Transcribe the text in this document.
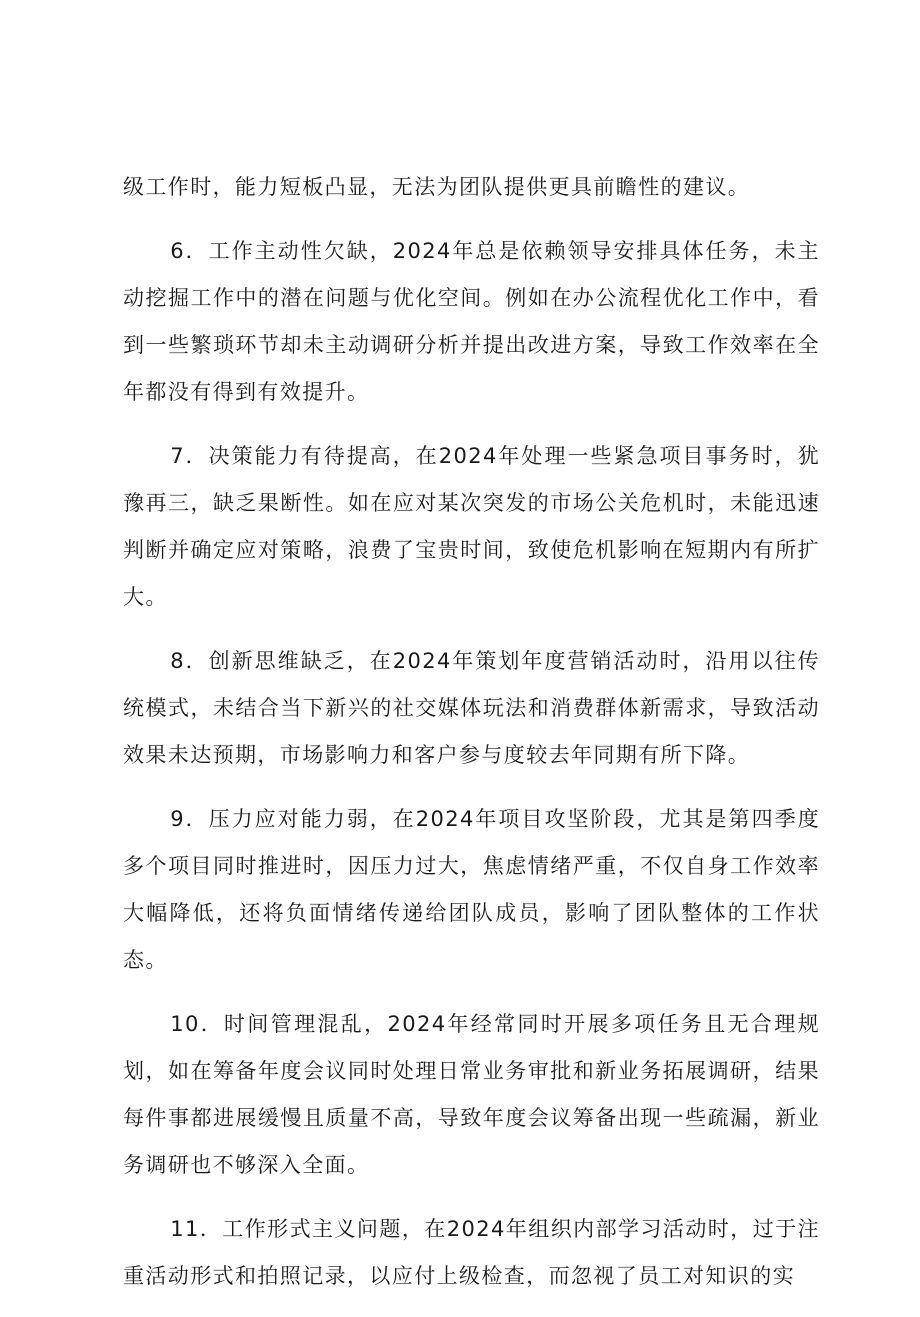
级工作时，能力短板凸显，无法为团队提供更具前瞻性的建议。

6．工作主动性欠缺，2024年总是依赖领导安排具体任务，未主动挖掘工作中的潜在问题与优化空间。例如在办公流程优化工作中，看到一些繁琐环节却未主动调研分析并提出改进方案，导致工作效率在全年都没有得到有效提升。

7．决策能力有待提高，在2024年处理一些紧急项目事务时，犹豫再三，缺乏果断性。如在应对某次突发的市场公关危机时，未能迅速判断并确定应对策略，浪费了宝贵时间，致使危机影响在短期内有所扩大。

8．创新思维缺乏，在2024年策划年度营销活动时，沿用以往传统模式，未结合当下新兴的社交媒体玩法和消费群体新需求，导致活动效果未达预期，市场影响力和客户参与度较去年同期有所下降。

9．压力应对能力弱，在2024年项目攻坚阶段，尤其是第四季度多个项目同时推进时，因压力过大，焦虑情绪严重，不仅自身工作效率大幅降低，还将负面情绪传递给团队成员，影响了团队整体的工作状态。

10．时间管理混乱，2024年经常同时开展多项任务且无合理规划，如在筹备年度会议同时处理日常业务审批和新业务拓展调研，结果每件事都进展缓慢且质量不高，导致年度会议筹备出现一些疏漏，新业务调研也不够深入全面。

11．工作形式主义问题，在2024年组织内部学习活动时，过于注重活动形式和拍照记录，以应付上级检查，而忽视了员工对知识的实
